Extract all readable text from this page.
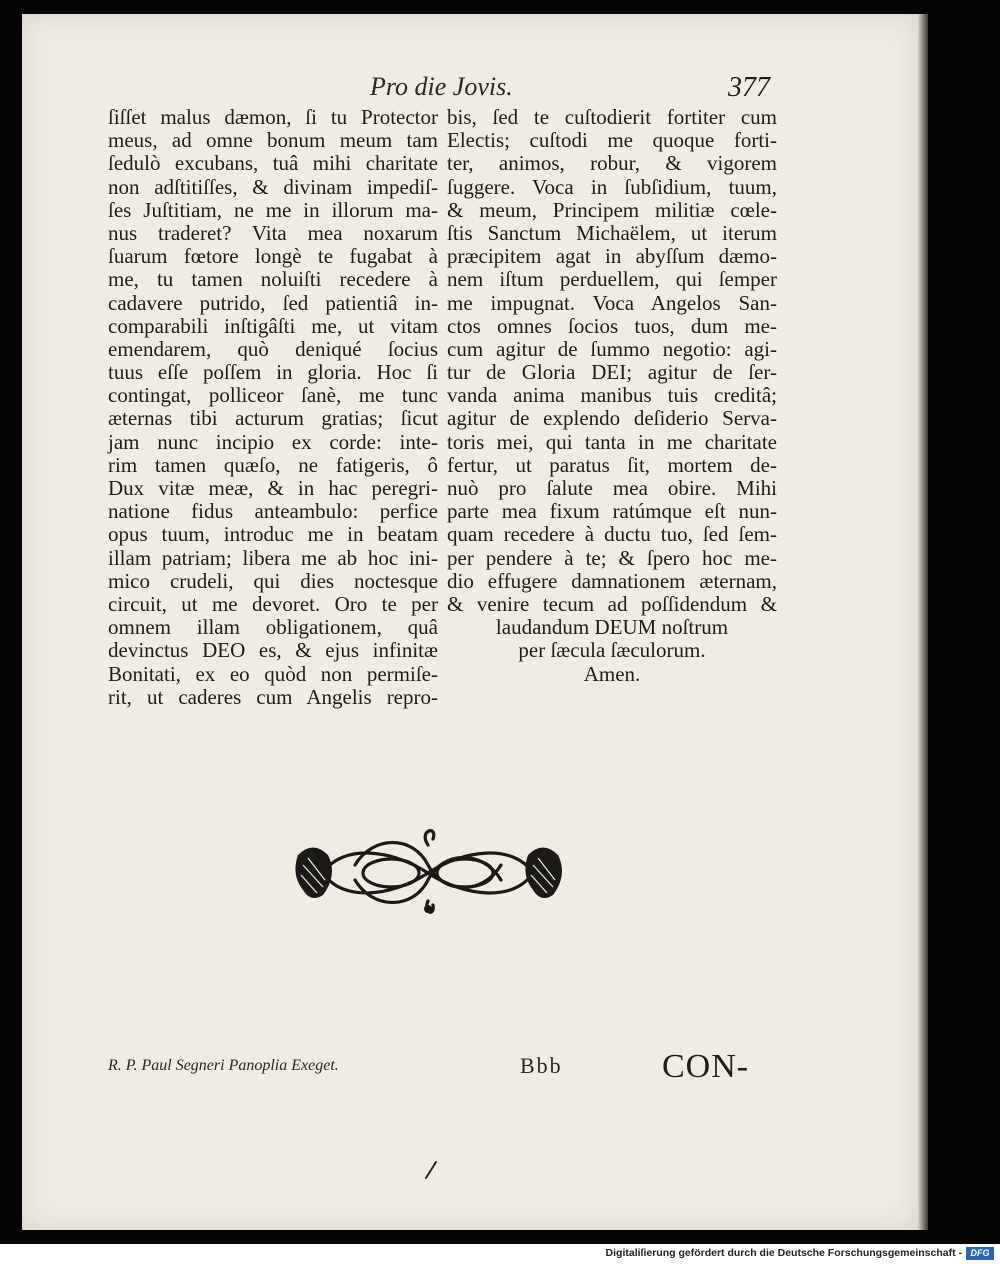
Pro die Jovis.	377
ſiſſet malus dæmon, ſi tu Protector
meus, ad omne bonum meum tam
ſedulò excubans, tuâ mihi charitate
non adſtitiſſes, & divinam impediſ-
ſes Juſtitiam, ne me in illorum ma-
nus traderet? Vita mea noxarum
ſuarum fœtore longè te fugabat à
me, tu tamen noluiſti recedere à
cadavere putrido, ſed patientiâ in-
comparabili inſtigâſti me, ut vitam
emendarem, quò deniqué ſocius
tuus eſſe poſſem in gloria. Hoc ſi
contingat, polliceor ſanè, me tunc
æternas tibi acturum gratias; ſicut
jam nunc incipio ex corde: inte-
rim tamen quæſo, ne fatigeris, ô
Dux vitæ meæ, & in hac peregri-
natione fidus anteambulo: perfice
opus tuum, introduc me in beatam
illam patriam; libera me ab hoc ini-
mico crudeli, qui dies noctesque
circuit, ut me devoret. Oro te per
omnem illam obligationem, quâ
devinctus DEO es, & ejus infinitæ
Bonitati, ex eo quòd non permiſe-
rit, ut caderes cum Angelis repro-
bis, ſed te cuſtodierit fortiter cum
Electis; cuſtodi me quoque forti-
ter, animos, robur, & vigorem
ſuggere. Voca in ſubſidium, tuum,
& meum, Principem militiæ cœle-
ſtis Sanctum Michaëlem, ut iterum
præcipitem agat in abyſſum dæmo-
nem iſtum perduellem, qui ſemper
me impugnat. Voca Angelos San-
ctos omnes ſocios tuos, dum me-
cum agitur de ſummo negotio: agi-
tur de Gloria DEI; agitur de ſer-
vanda anima manibus tuis creditâ;
agitur de explendo deſiderio Serva-
toris mei, qui tanta in me charitate
fertur, ut paratus ſit, mortem de-
nuò pro ſalute mea obire. Mihi
parte mea fixum ratúmque eſt nun-
quam recedere à ductu tuo, ſed ſem-
per pendere à te; & ſpero hoc me-
dio effugere damnationem æternam,
& venire tecum ad poſſidendum &
laudandum DEUM noſtrum
per ſæcula ſæculorum.
Amen.
R. P. Paul Segneri Panoplia Exeget.	Bbb	CON-
Digitaliſierung gefördert durch die Deutsche Forschungsgemeinschaft - DFG
